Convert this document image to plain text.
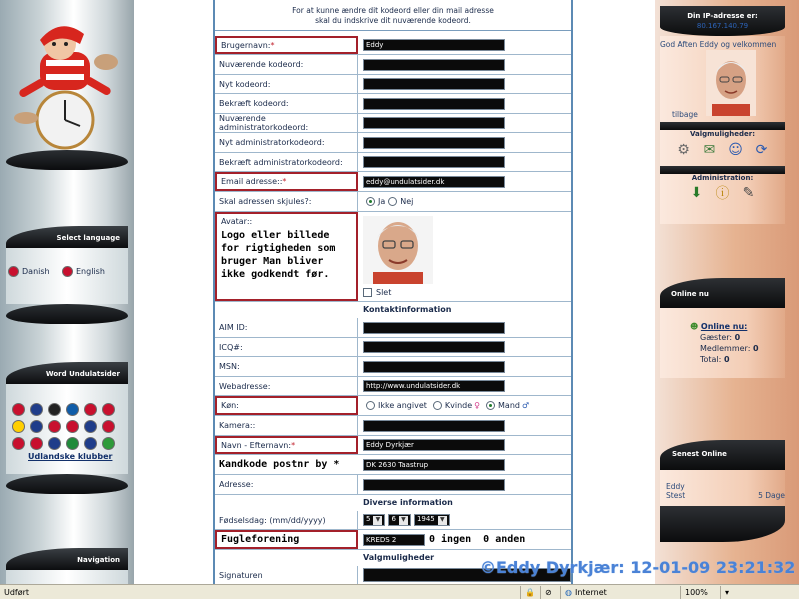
Select language
Danish	English
Word Undulatsider
Udlandske klubber
Navigation
For at kunne ændre dit kodeord eller din mail adresse
skal du indskrive dit nuværende kodeord.
Brugernavn: *	Eddy
Nuværende kodeord:
Nyt kodeord:
Bekræft kodeord:
Nuværende administratorkodeord:
Nyt administratorkodeord:
Bekræft administratorkodeord:
Email adresse:: *	eddy@undulatsider.dk
Skal adressen skjules?:	Ja Nej
Avatar::
Logo eller billede for rigtigheden som bruger Man bliver ikke godkendt før.
Slet
Kontaktinformation
AIM ID:
ICQ#:
MSN:
Webadresse:	http://www.undulatsider.dk
Køn:	Ikke angivet Kvinde ♀ Mand ♂
Kamera::
Navn - Efternavn: *	Eddy Dyrkjær
Kandkode postnr by *	DK 2630 Taastrup
Adresse:
Diverse information
Fødselsdag: (mm/dd/yyyy)	5 ▼	6 ▼	1945 ▼
Fugleforening	KREDS 2	0 ingen  0 anden
Valgmuligheder
Signaturen
Din IP-adresse er:
80.167.140.79
God Aften Eddy og velkommen
tilbage
Valgmuligheder:
⚙ ✉ ☺ ⟳
Administration:
⬇ ⓘ ✎
Online nu
☻ Online nu:
Gæster: 0
Medlemmer: 0
Total: 0
Senest Online
Eddy
Stest	5 Dage
©Eddy Dyrkjær: 12-01-09 23:21:32
Udført	🔒	⊘	◍ Internet	100%	▾
